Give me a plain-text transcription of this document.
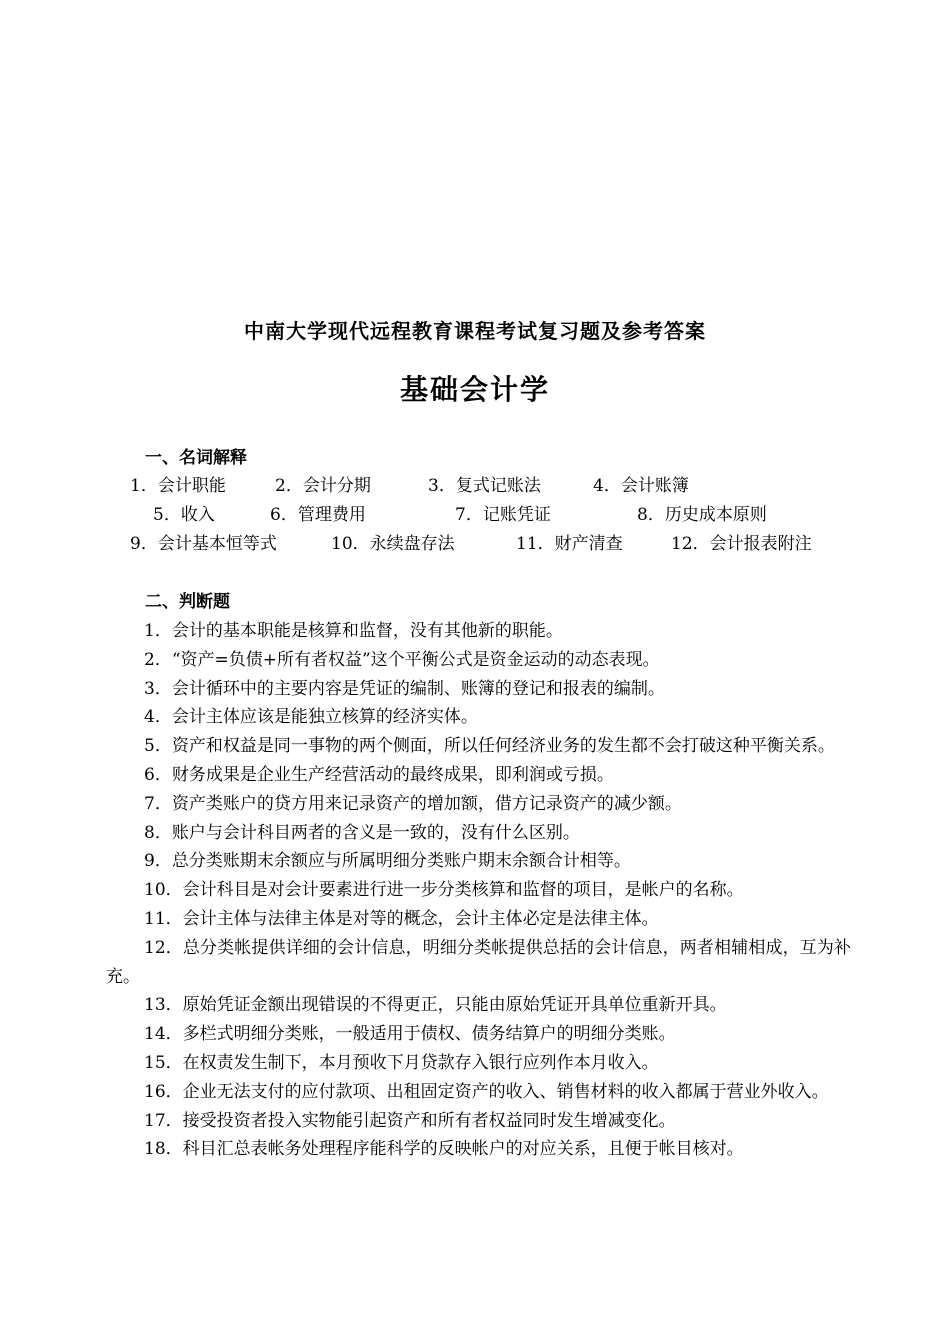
中南大学现代远程教育课程考试复习题及参考答案
基础会计学
一、名词解释
1．会计职能	2．会计分期	3．复式记账法	4．会计账簿
5．收入	6．管理费用	7．记账凭证	8．历史成本原则
9．会计基本恒等式	10．永续盘存法	11．财产清查	12．会计报表附注
二、判断题

1．会计的基本职能是核算和监督，没有其他新的职能。

2．“资产=负债+所有者权益”这个平衡公式是资金运动的动态表现。

3．会计循环中的主要内容是凭证的编制、账簿的登记和报表的编制。

4．会计主体应该是能独立核算的经济实体。

5．资产和权益是同一事物的两个侧面，所以任何经济业务的发生都不会打破这种平衡关系。

6．财务成果是企业生产经营活动的最终成果，即利润或亏损。

7．资产类账户的贷方用来记录资产的增加额，借方记录资产的减少额。

8．账户与会计科目两者的含义是一致的，没有什么区别。

9．总分类账期末余额应与所属明细分类账户期末余额合计相等。

10．会计科目是对会计要素进行进一步分类核算和监督的项目，是帐户的名称。

11．会计主体与法律主体是对等的概念，会计主体必定是法律主体。

12．总分类帐提供详细的会计信息，明细分类帐提供总括的会计信息，两者相辅相成，互为补充。

13．原始凭证金额出现错误的不得更正，只能由原始凭证开具单位重新开具。

14．多栏式明细分类账，一般适用于债权、债务结算户的明细分类账。

15．在权责发生制下，本月预收下月贷款存入银行应列作本月收入。

16．企业无法支付的应付款项、出租固定资产的收入、销售材料的收入都属于营业外收入。

17．接受投资者投入实物能引起资产和所有者权益同时发生增减变化。

18．科目汇总表帐务处理程序能科学的反映帐户的对应关系，且便于帐目核对。
